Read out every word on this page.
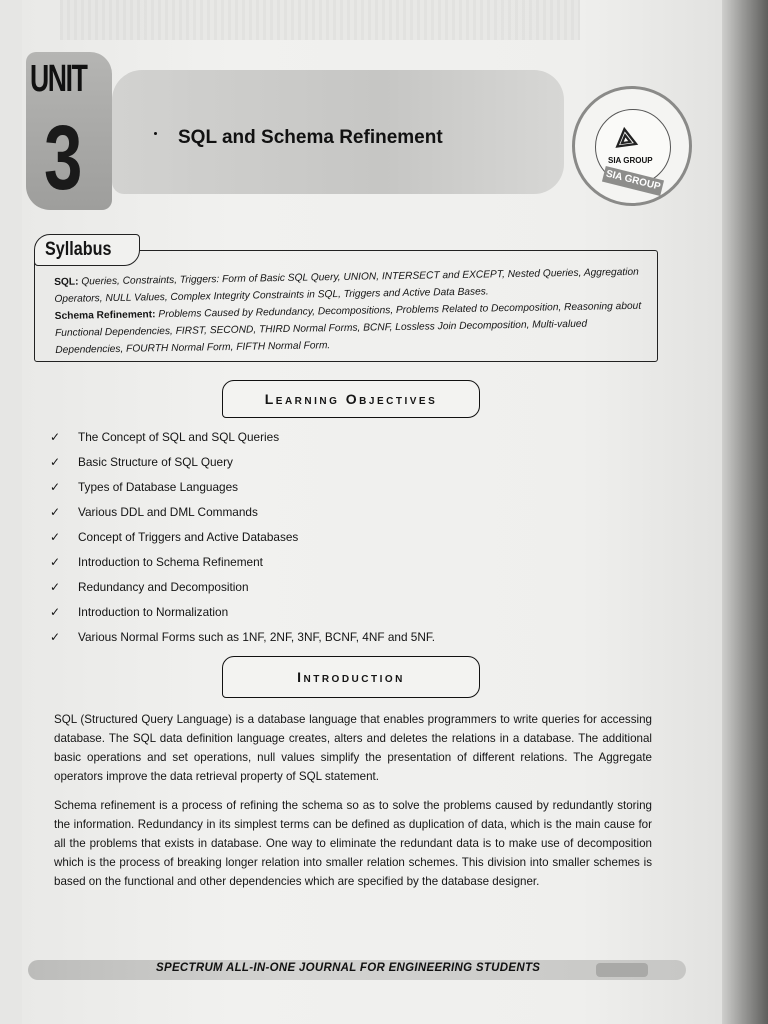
UNIT
3	SQL and Schema Refinement	⟁
SIA GROUP
SIA GROUP
Syllabus

SQL: Queries, Constraints, Triggers: Form of Basic SQL Query, UNION, INTERSECT and EXCEPT, Nested Queries, Aggregation Operators, NULL Values, Complex Integrity Constraints in SQL, Triggers and Active Data Bases.

Schema Refinement: Problems Caused by Redundancy, Decompositions, Problems Related to Decomposition, Reasoning about Functional Dependencies, FIRST, SECOND, THIRD Normal Forms, BCNF, Lossless Join Decomposition, Multi-valued Dependencies, FOURTH Normal Form, FIFTH Normal Form.

Learning Objectives
✓ The Concept of SQL and SQL Queries
✓ Basic Structure of SQL Query
✓ Types of Database Languages
✓ Various DDL and DML Commands
✓ Concept of Triggers and Active Databases
✓ Introduction to Schema Refinement
✓ Redundancy and Decomposition
✓ Introduction to Normalization
✓ Various Normal Forms such as 1NF, 2NF, 3NF, BCNF, 4NF and 5NF.
Introduction

SQL (Structured Query Language) is a database language that enables programmers to write queries for accessing database. The SQL data definition language creates, alters and deletes the relations in a database. The additional basic operations and set operations, null values simplify the presentation of different relations. The Aggregate operators improve the data retrieval property of SQL statement.

Schema refinement is a process of refining the schema so as to solve the problems caused by redundantly storing the information. Redundancy in its simplest terms can be defined as duplication of data, which is the main cause for all the problems that exists in database. One way to eliminate the redundant data is to make use of decomposition which is the process of breaking longer relation into smaller relation schemes. This division into smaller schemes is based on the functional and other dependencies which are specified by the database designer.

SPECTRUM ALL-IN-ONE JOURNAL FOR ENGINEERING STUDENTS
